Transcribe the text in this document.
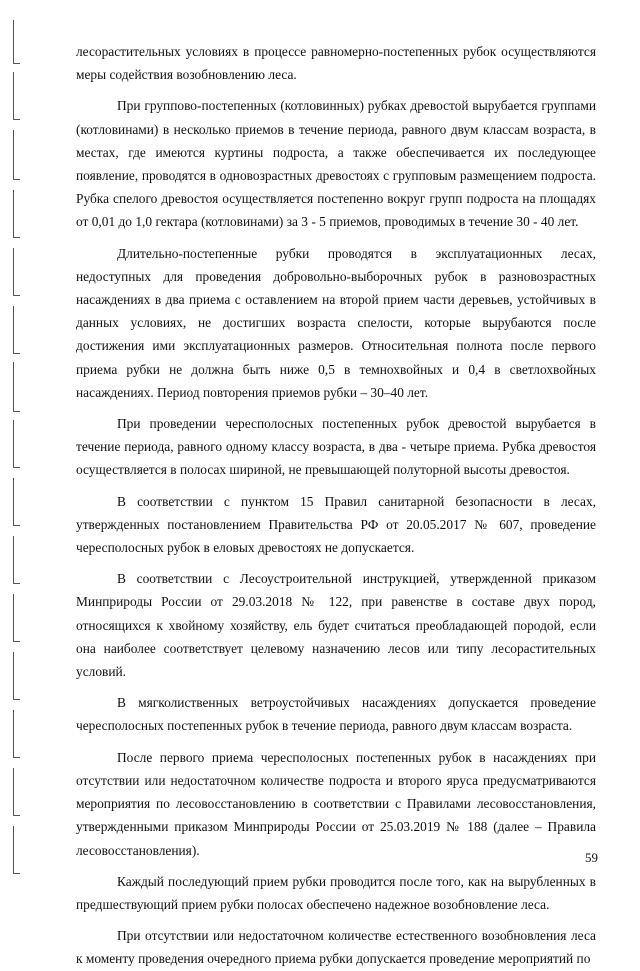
лесорастительных условиях в процессе равномерно-постепенных рубок осуществляются меры содействия возобновлению леса.

При группово-постепенных (котловинных) рубках древостой вырубается группами (котловинами) в несколько приемов в течение периода, равного двум классам возраста, в местах, где имеются куртины подроста, а также обеспечивается их последующее появление, проводятся в одновозрастных древостоях с групповым размещением подроста. Рубка спелого древостоя осуществляется постепенно вокруг групп подроста на площадях от 0,01 до 1,0 гектара (котловинами) за 3 - 5 приемов, проводимых в течение 30 - 40 лет.

Длительно-постепенные рубки проводятся в эксплуатационных лесах, недоступных для проведения добровольно-выборочных рубок в разновозрастных насаждениях в два приема с оставлением на второй прием части деревьев, устойчивых в данных условиях, не достигших возраста спелости, которые вырубаются после достижения ими эксплуатационных размеров. Относительная полнота после первого приема рубки не должна быть ниже 0,5 в темнохвойных и 0,4 в светлохвойных насаждениях. Период повторения приемов рубки – 30–40 лет.

При проведении чересполосных постепенных рубок древостой вырубается в течение периода, равного одному классу возраста, в два - четыре приема. Рубка древостоя осуществляется в полосах шириной, не превышающей полуторной высоты древостоя.

В соответствии с пунктом 15 Правил санитарной безопасности в лесах, утвержденных постановлением Правительства РФ от 20.05.2017 № 607, проведение чересполосных рубок в еловых древостоях не допускается.

В соответствии с Лесоустроительной инструкцией, утвержденной приказом Минприроды России от 29.03.2018 № 122, при равенстве в составе двух пород, относящихся к хвойному хозяйству, ель будет считаться преобладающей породой, если она наиболее соответствует целевому назначению лесов или типу лесорастительных условий.

В мягколиственных ветроустойчивых насаждениях допускается проведение чересполосных постепенных рубок в течение периода, равного двум классам возраста.

После первого приема чересполосных постепенных рубок в насаждениях при отсутствии или недостаточном количестве подроста и второго яруса предусматриваются мероприятия по лесовосстановлению в соответствии с Правилами лесовосстановления, утвержденными приказом Минприроды России от 25.03.2019 № 188 (далее – Правила лесовосстановления).

Каждый последующий прием рубки проводится после того, как на вырубленных в предшествующий прием рубки полосах обеспечено надежное возобновление леса.

При отсутствии или недостаточном количестве естественного возобновления леса к моменту проведения очередного приема рубки допускается проведение мероприятий по

59
